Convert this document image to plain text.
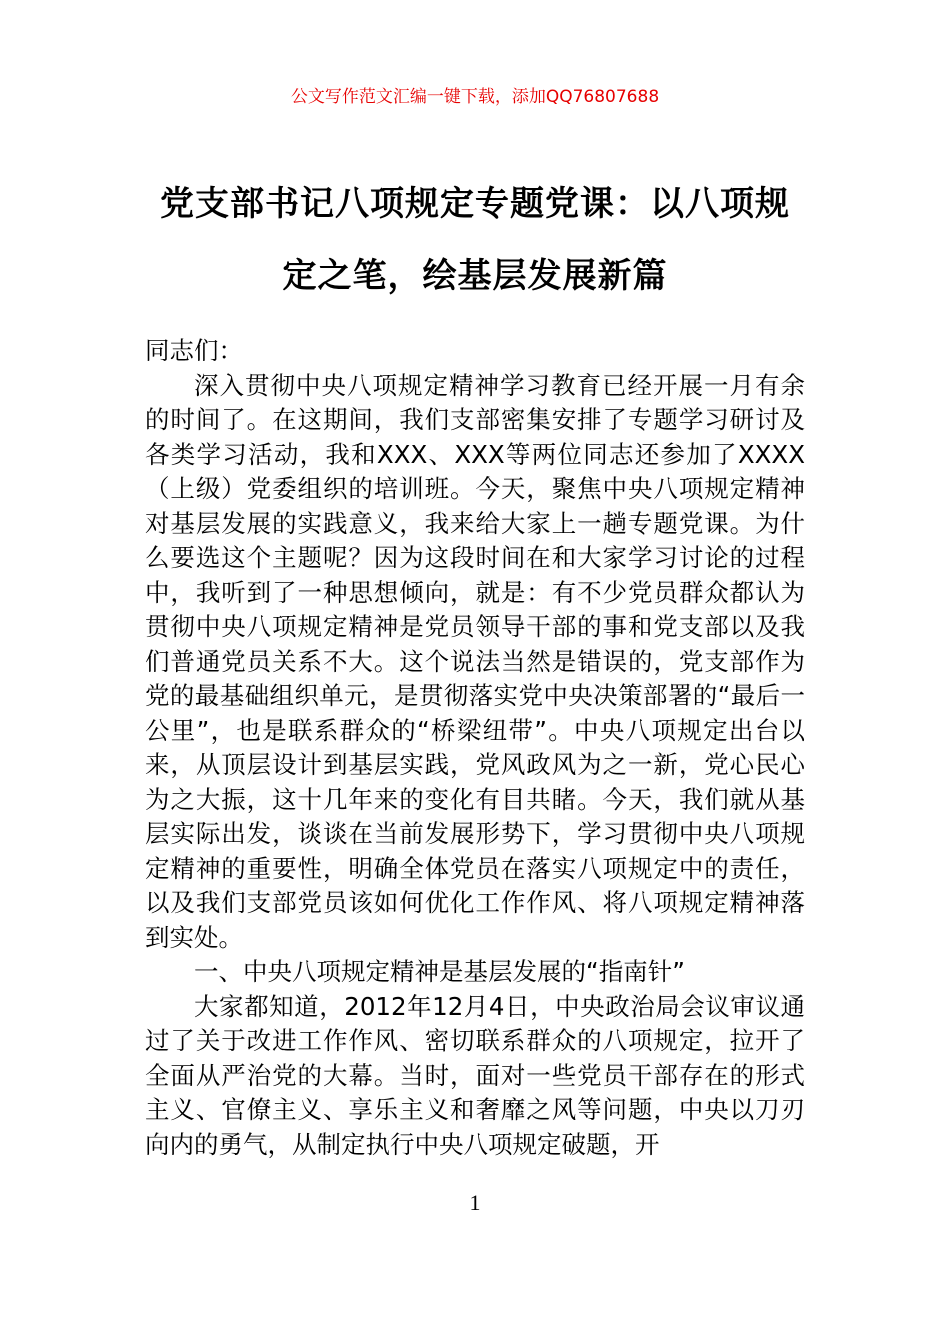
公文写作范文汇编一键下载，添加QQ76807688
党支部书记八项规定专题党课：以八项规
定之笔，绘基层发展新篇

同志们：

深入贯彻中央八项规定精神学习教育已经开展一月有余的时间了。在这期间，我们支部密集安排了专题学习研讨及各类学习活动，我和XXX、XXX等两位同志还参加了XXXX（上级）党委组织的培训班。今天，聚焦中央八项规定精神对基层发展的实践意义，我来给大家上一趟专题党课。为什么要选这个主题呢？因为这段时间在和大家学习讨论的过程中，我听到了一种思想倾向，就是：有不少党员群众都认为贯彻中央八项规定精神是党员领导干部的事和党支部以及我们普通党员关系不大。这个说法当然是错误的，党支部作为党的最基础组织单元，是贯彻落实党中央决策部署的“最后一公里”，也是联系群众的“桥梁纽带”。中央八项规定出台以来，从顶层设计到基层实践，党风政风为之一新，党心民心为之大振，这十几年来的变化有目共睹。今天，我们就从基层实际出发，谈谈在当前发展形势下，学习贯彻中央八项规定精神的重要性，明确全体党员在落实八项规定中的责任，以及我们支部党员该如何优化工作作风、将八项规定精神落到实处。

一、中央八项规定精神是基层发展的“指南针”

大家都知道，2012年12月4日，中央政治局会议审议通过了关于改进工作作风、密切联系群众的八项规定，拉开了全面从严治党的大幕。当时，面对一些党员干部存在的形式主义、官僚主义、享乐主义和奢靡之风等问题，中央以刀刃向内的勇气，从制定执行中央八项规定破题，开

1
